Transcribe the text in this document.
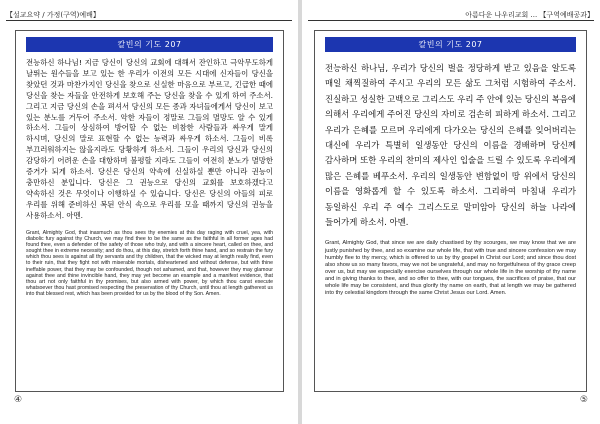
【설교요약 / 가정(구역)예배】
칼빈의 기도 207
전능하신 하나님! 지금 당신이 당신의 교회에 대해서 잔인하고 극악무도하게 날뛰는 원수들을 보고 있는 한 우리가 이전의 모든 시대에 신자들이 당신을 찾았던 것과 마찬가지인 당신을 찾으로 신실한 마음으로 부르고, 긴급한 때에 당신을 찾는 자들을 안전하게 보호해 주는 당신을 찾을 수 있게 하여 주소서. 그리고 지금 당신의 손을 펴셔서 당신의 모든 종과 자녀들에게서 당신이 보고 있는 분노를 거두어 주소서. 악한 자들이 정말로 그들의 멸망도 알 수 있게 하소서. 그들이 상심하여 방어할 수 없는 비참한 사람들과 싸우게 말게 하시며, 당신의 말로 표현할 수 없는 능력과 싸우게 하소서. 그들이 비록 부끄러워하지는 않을지라도 당황하게 하소서. 그들이 우리의 당신과 당신의 감당하기 어려운 손을 대항하며 불평할 지라도 그들이 여전히 분노가 멸망한 증거가 되게 하소서. 당신은 당신의 약속에 신실하실 뿐만 아니라 권능이 충만하신 분입니다. 당신은 그 권능으로 당신의 교회를 보호하겠다고 약속하신 것은 무엇이나 이행하실 수 있습니다. 당신은 당신의 아들의 피로 우리를 위해 준비하신 복된 안식 속으로 우리를 모을 때까지 당신의 권능을 사용하소서. 아멘.
Grant, Almighty God, that inasmuch as thou sees thy enemies at this day raging with cruel, yea, with diabolic fury against thy Church, we may find thee to be the same as the faithful in all former ages had found thee, even a defender of the safety of those who truly, and with a sincere heart, called on thee, and sought thee in extreme necessity; and do thou, at this day, stretch forth thine hand, and so restrain the fury which thou sees is against all thy servants and thy children, that the wicked may at length really find, even to their ruin, that they fight not with miserable mortals, disheartened and without defense, but with thine ineffable power, that they may be confounded, though not ashamed, and that, however they may glamour against thee and thine invincible hand, they may yet become an example and a manifest evidence, that thou art not only faithful in thy promises, but also armed with power, by which thou canst execute whatsoever thou hast promised respecting the preservation of thy Church, until thou at length gatherest us into that blessed rest, which has been provided for us by the blood of thy Son. Amen.
④
아름다운 나우리교회 ... 【구역예배공과】
칼빈의 기도 207
전능하신 하나님, 우리가 당신의 벌을 정당하게 받고 있음을 알도록 매일 채찍질하여 주시고 우리의 모든 삶도 그처럼 시험하여 주소서. 진실하고 성실한 고백으로 그리스도 우리 주 안에 있는 당신의 복음에 의해서 우리에게 주어진 당신의 자비로 검손히 피하게 하소서. 그리고 우리가 은혜를 모르며 우리에게 다가오는 당신의 은혜를 잊어버리는 대신에 우리가 특별히 일생동안 당신의 이름을 경배하며 당신께 감사하며 또한 우리의 찬미의 제사인 입술을 드릴 수 있도록 우리에게 많은 은혜를 베푸소서. 우리의 일생동안 변함없이 땅 위에서 당신의 이름을 영화롭게 할 수 있도록 하소서. 그리하여 마침내 우리가 동일하신 우리 주 예수 그리스도로 말미암아 당신의 하늘 나라에 들어가게 하소서. 아멘.
Grant, Almighty God, that since we are daily chastised by thy scourges, we may know that we are justly punished by thee, and so examine our whole life, that with true and sincere confession we may humbly flee to thy mercy, which is offered to us by thy gospel in Christ our Lord; and since thou dost also show us so many favors, may we not be ungrateful, and may no forgetfulness of thy grace creep over us, but may we especially exercise ourselves through our whole life in the worship of thy name and in giving thanks to thee, and so offer to thee, with our tongues, the sacrifices of praise, that our whole life may be consistent, and thus glorify thy name on earth, that at length we may be gathered into thy celestial kingdom through the same Christ Jesus our Lord. Amen.
⑤
